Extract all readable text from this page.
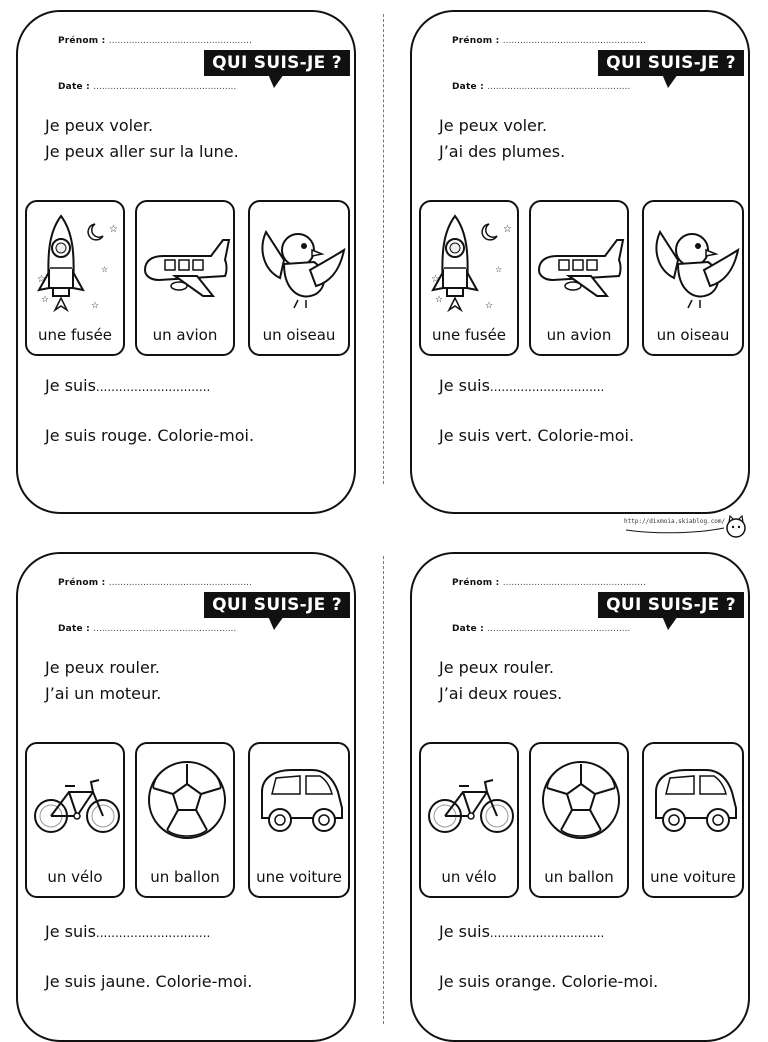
Prénom : ..................................................
Date : ..................................................
QUI SUIS-JE ?
Je peux voler.
Je peux aller sur la lune.
☆
☆
☆
☆
☆
une fusée	un avion	un oiseau
Je suis..............................
Je suis rouge. Colorie-moi.
Prénom : ..................................................
Date : ..................................................
QUI SUIS-JE ?
Je peux voler.
J’ai des plumes.
☆
☆
☆
☆
☆
une fusée	un avion	un oiseau
Je suis..............................
Je suis vert. Colorie-moi.
http://dixmoia.skiablog.com/
Prénom : ..................................................
Date : ..................................................
QUI SUIS-JE ?
Je peux rouler.
J’ai un moteur.
un vélo	un ballon	une voiture
Je suis..............................
Je suis jaune. Colorie-moi.
Prénom : ..................................................
Date : ..................................................
QUI SUIS-JE ?
Je peux rouler.
J’ai deux roues.
un vélo	un ballon	une voiture
Je suis..............................
Je suis orange. Colorie-moi.
